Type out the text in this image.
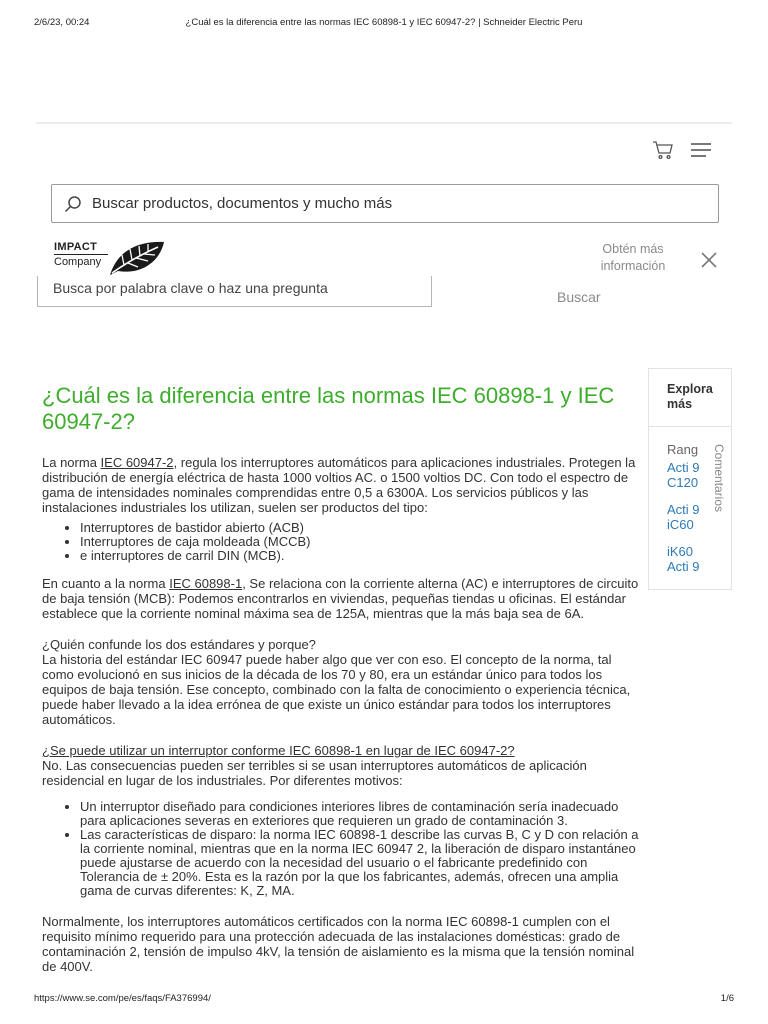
2/6/23, 00:24	¿Cuál es la diferencia entre las normas IEC 60898-1 y IEC 60947-2? | Schneider Electric Peru
Buscar productos, documentos y mucho más
IMPACT
Company
Obtén más información
Busca por palabra clave o haz una pregunta
Buscar
Explora más
Rang
Acti 9
C120
Acti 9
iC60
iK60
Acti 9
Comentarios
¿Cuál es la diferencia entre las normas IEC 60898-1 y IEC 60947-2?
La norma IEC 60947-2, regula los interruptores automáticos para aplicaciones industriales. Protegen la distribución de energía eléctrica de hasta 1000 voltios AC. o 1500 voltios DC. Con todo el espectro de gama de intensidades nominales comprendidas entre 0,5 a 6300A. Los servicios públicos y las instalaciones industriales los utilizan, suelen ser productos del tipo:
• Interruptores de bastidor abierto (ACB)
• Interruptores de caja moldeada (MCCB)
• e interruptores de carril DIN (MCB).
En cuanto a la norma IEC 60898-1, Se relaciona con la corriente alterna (AC) e interruptores de circuito de baja tensión (MCB): Podemos encontrarlos en viviendas, pequeñas tiendas u oficinas. El estándar establece que la corriente nominal máxima sea de 125A, mientras que la más baja sea de 6A.
¿Quién confunde los dos estándares y porque?
La historia del estándar IEC 60947 puede haber algo que ver con eso. El concepto de la norma, tal como evolucionó en sus inicios de la década de los 70 y 80, era un estándar único para todos los equipos de baja tensión. Ese concepto, combinado con la falta de conocimiento o experiencia técnica, puede haber llevado a la idea errónea de que existe un único estándar para todos los interruptores automáticos.
¿Se puede utilizar un interruptor conforme IEC 60898-1 en lugar de IEC 60947-2?
No. Las consecuencias pueden ser terribles si se usan interruptores automáticos de aplicación residencial en lugar de los industriales. Por diferentes motivos:
• Un interruptor diseñado para condiciones interiores libres de contaminación sería inadecuado para aplicaciones severas en exteriores que requieren un grado de contaminación 3.
• Las características de disparo: la norma IEC 60898-1 describe las curvas B, C y D con relación a la corriente nominal, mientras que en la norma IEC 60947 2, la liberación de disparo instantáneo puede ajustarse de acuerdo con la necesidad del usuario o el fabricante predefinido con Tolerancia de ± 20%. Esta es la razón por la que los fabricantes, además, ofrecen una amplia gama de curvas diferentes: K, Z, MA.
Normalmente, los interruptores automáticos certificados con la norma IEC 60898-1 cumplen con el requisito mínimo requerido para una protección adecuada de las instalaciones domésticas: grado de contaminación 2, tensión de impulso 4kV, la tensión de aislamiento es la misma que la tensión nominal de 400V.
https://www.se.com/pe/es/faqs/FA376994/	1/6
